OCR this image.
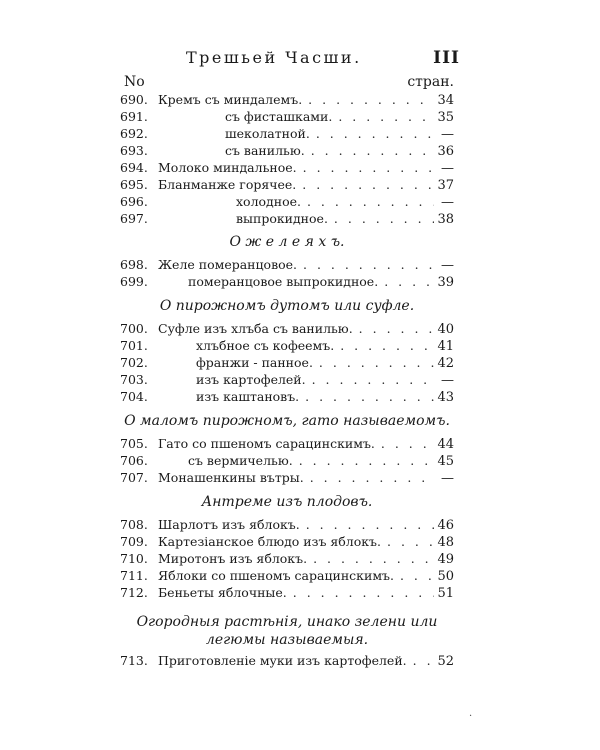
Трешьей Часши.	III
No	стран.
690. Кремъ съ миндалемъ. . . .	34
691.	съ фисташками. . . .	35
692.	шеколатной. . . .	—
693.	съ ванилью. . . .	36
694. Молоко миндальное. . . .	—
695. Бланманже горячее. . . .	37
696.	холодное. . . .	—
697.	выпрокидное. . . .	38
О ж е л е я х ъ.
698. Желе померанцовое. . . .	—
699.	померанцовое выпрокидное. . . .	39
О пирожномъ дутомъ или суфле.
700. Суфле изъ хлъба съ ванилью. . . .	40
701.	хлъбное съ кофеемъ. . . .	41
702.	франжи - панное. . . .	42
703.	изъ картофелей. . . .	—
704.	изъ каштановъ. . . .	43
О маломъ пирожномъ, гато называемомъ.
705. Гато со пшеномъ сарацинскимъ. . . .	44
706.	съ вермичелью. . . .	45
707. Монашенкины вътры. . . .	—
Антреме изъ плодовъ.
708. Шарлотъ изъ яблокъ. . . .	46
709. Картезіанское блюдо изъ яблокъ. . . .	48
710. Миротонъ изъ яблокъ. . . .	49
711. Яблоки со пшеномъ сарацинскимъ. . . .	50
712. Беньеты яблочные. . . .	51
Огородныя растѣнія, инако зелени или
легюмы называемыя.
713. Приготовленіе муки изъ картофелей. . . . 52
·
